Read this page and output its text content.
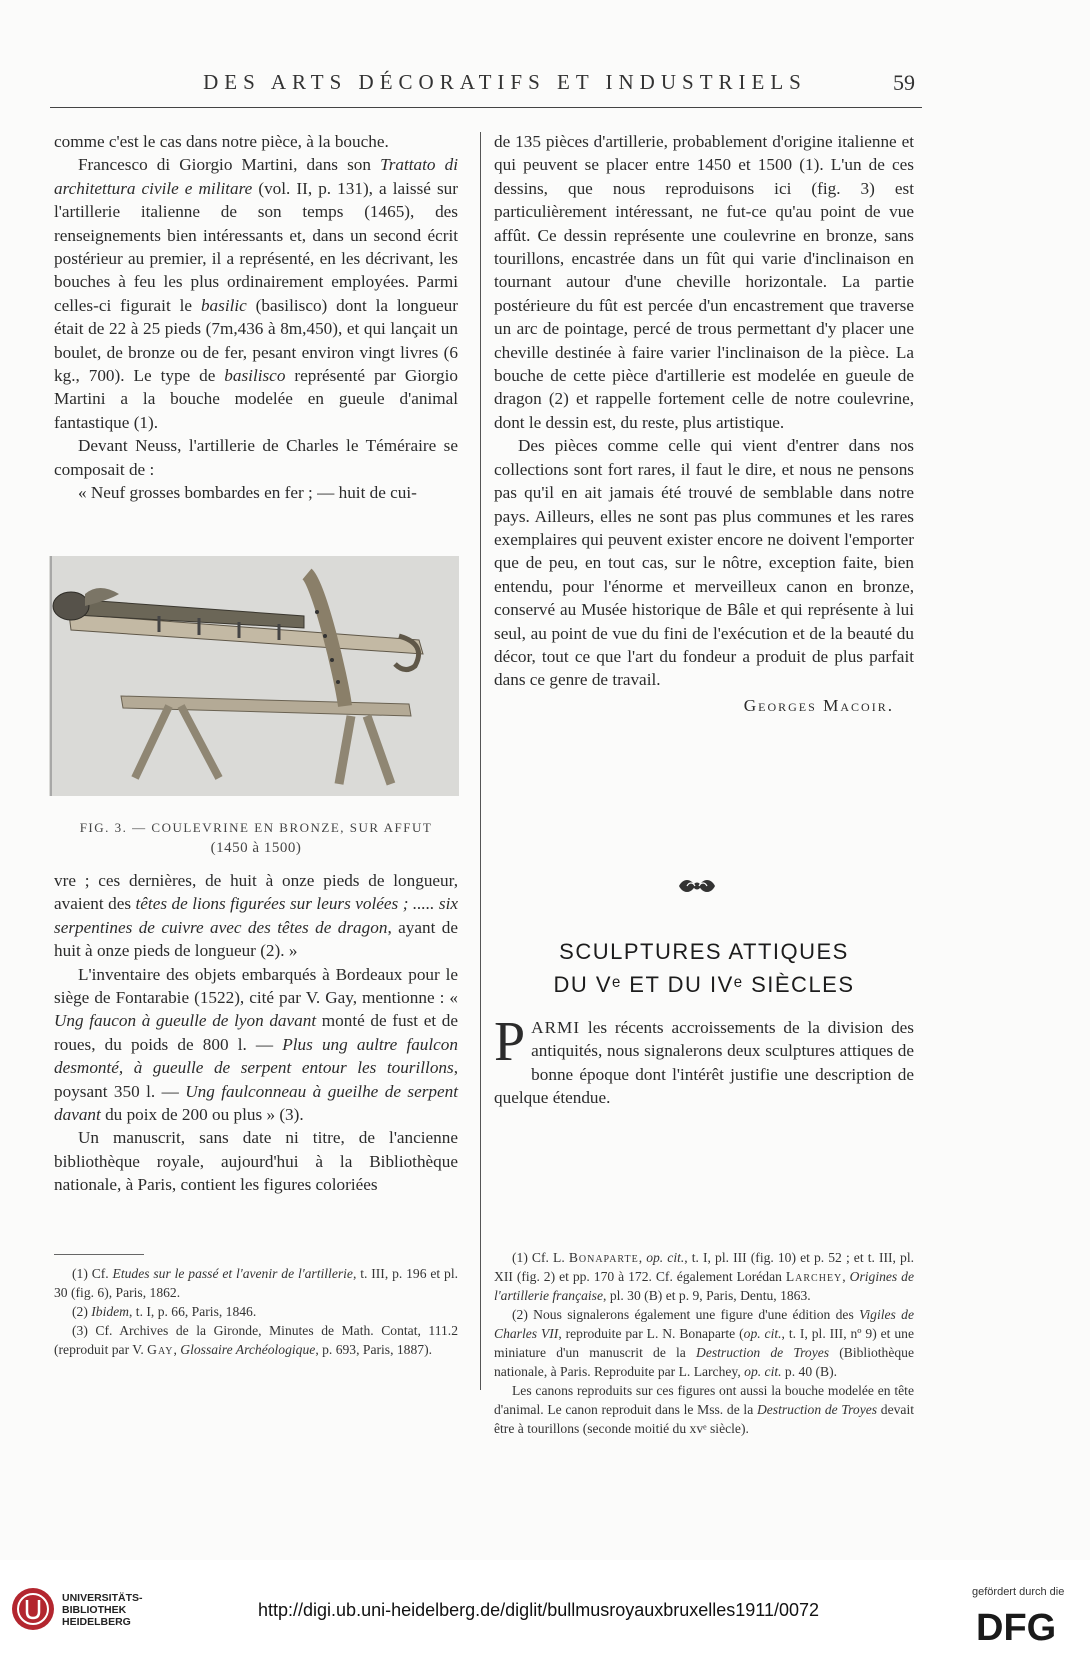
DES ARTS DÉCORATIFS ET INDUSTRIELS	59

comme c'est le cas dans notre pièce, à la bouche.

Francesco di Giorgio Martini, dans son Trattato di architettura civile e militare (vol. II, p. 131), a laissé sur l'artillerie italienne de son temps (1465), des renseignements bien intéressants et, dans un second écrit postérieur au premier, il a représenté, en les décrivant, les bouches à feu les plus ordinairement employées. Parmi celles-ci figurait le basilic (basilisco) dont la longueur était de 22 à 25 pieds (7m,436 à 8m,450), et qui lançait un boulet, de bronze ou de fer, pesant environ vingt livres (6 kg., 700). Le type de basilisco représenté par Giorgio Martini a la bouche modelée en gueule d'animal fantastique (1).

Devant Neuss, l'artillerie de Charles le Téméraire se composait de :

« Neuf grosses bombardes en fer ; — huit de cui-

FIG. 3. — COULEVRINE EN BRONZE, SUR AFFUT
(1450 à 1500)

vre ; ces dernières, de huit à onze pieds de longueur, avaient des têtes de lions figurées sur leurs volées ; ..... six serpentines de cuivre avec des têtes de dragon, ayant de huit à onze pieds de longueur (2). »

L'inventaire des objets embarqués à Bordeaux pour le siège de Fontarabie (1522), cité par V. Gay, mentionne : « Ung faucon à gueulle de lyon davant monté de fust et de roues, du poids de 800 l. — Plus ung aultre faulcon desmonté, à gueulle de serpent entour les tourillons, poysant 350 l. — Ung faulconneau à gueilhe de serpent davant du poix de 200 ou plus » (3).

Un manuscrit, sans date ni titre, de l'ancienne bibliothèque royale, aujourd'hui à la Bibliothèque nationale, à Paris, contient les figures coloriées

(1) Cf. Etudes sur le passé et l'avenir de l'artillerie, t. III, p. 196 et pl. 30 (fig. 6), Paris, 1862.

(2) Ibidem, t. I, p. 66, Paris, 1846.

(3) Cf. Archives de la Gironde, Minutes de Math. Contat, 111.2 (reproduit par V. Gay, Glossaire Archéologique, p. 693, Paris, 1887).

de 135 pièces d'artillerie, probablement d'origine italienne et qui peuvent se placer entre 1450 et 1500 (1). L'un de ces dessins, que nous reproduisons ici (fig. 3) est particulièrement intéressant, ne fut-ce qu'au point de vue affût. Ce dessin représente une coulevrine en bronze, sans tourillons, encastrée dans un fût qui varie d'inclinaison en tournant autour d'une cheville horizontale. La partie postérieure du fût est percée d'un encastrement que traverse un arc de pointage, percé de trous permettant d'y placer une cheville destinée à faire varier l'inclinaison de la pièce. La bouche de cette pièce d'artillerie est modelée en gueule de dragon (2) et rappelle fortement celle de notre coulevrine, dont le dessin est, du reste, plus artistique.

Des pièces comme celle qui vient d'entrer dans nos collections sont fort rares, il faut le dire, et nous ne pensons pas qu'il en ait jamais été trouvé de semblable dans notre pays. Ailleurs, elles ne sont pas plus communes et les rares exemplaires qui peuvent exister encore ne doivent l'emporter que de peu, en tout cas, sur le nôtre, exception faite, bien entendu, pour l'énorme et merveilleux canon en bronze, conservé au Musée historique de Bâle et qui représente à lui seul, au point de vue du fini de l'exécution et de la beauté du décor, tout ce que l'art du fondeur a produit de plus parfait dans ce genre de travail.

Georges Macoir.
SCULPTURES ATTIQUES
DU Vᵉ ET DU IVᵉ SIÈCLES

PARMI les récents accroissements de la division des antiquités, nous signalerons deux sculptures attiques de bonne époque dont l'intérêt justifie une description de quelque étendue.

(1) Cf. L. Bonaparte, op. cit., t. I, pl. III (fig. 10) et p. 52 ; et t. III, pl. XII (fig. 2) et pp. 170 à 172. Cf. également Lorédan Larchey, Origines de l'artillerie française, pl. 30 (B) et p. 9, Paris, Dentu, 1863.

(2) Nous signalerons également une figure d'une édition des Vigiles de Charles VII, reproduite par L. N. Bonaparte (op. cit., t. I, pl. III, nº 9) et une miniature d'un manuscrit de la Destruction de Troyes (Bibliothèque nationale, à Paris. Reproduite par L. Larchey, op. cit. p. 40 (B).

Les canons reproduits sur ces figures ont aussi la bouche modelée en tête d'animal. Le canon reproduit dans le Mss. de la Destruction de Troyes devait être à tourillons (seconde moitié du xvᵉ siècle).

UNIVERSITÄTS-
BIBLIOTHEK
HEIDELBERG
http://digi.ub.uni-heidelberg.de/diglit/bullmusroyauxbruxelles1911/0072
gefördert durch die
DFG
